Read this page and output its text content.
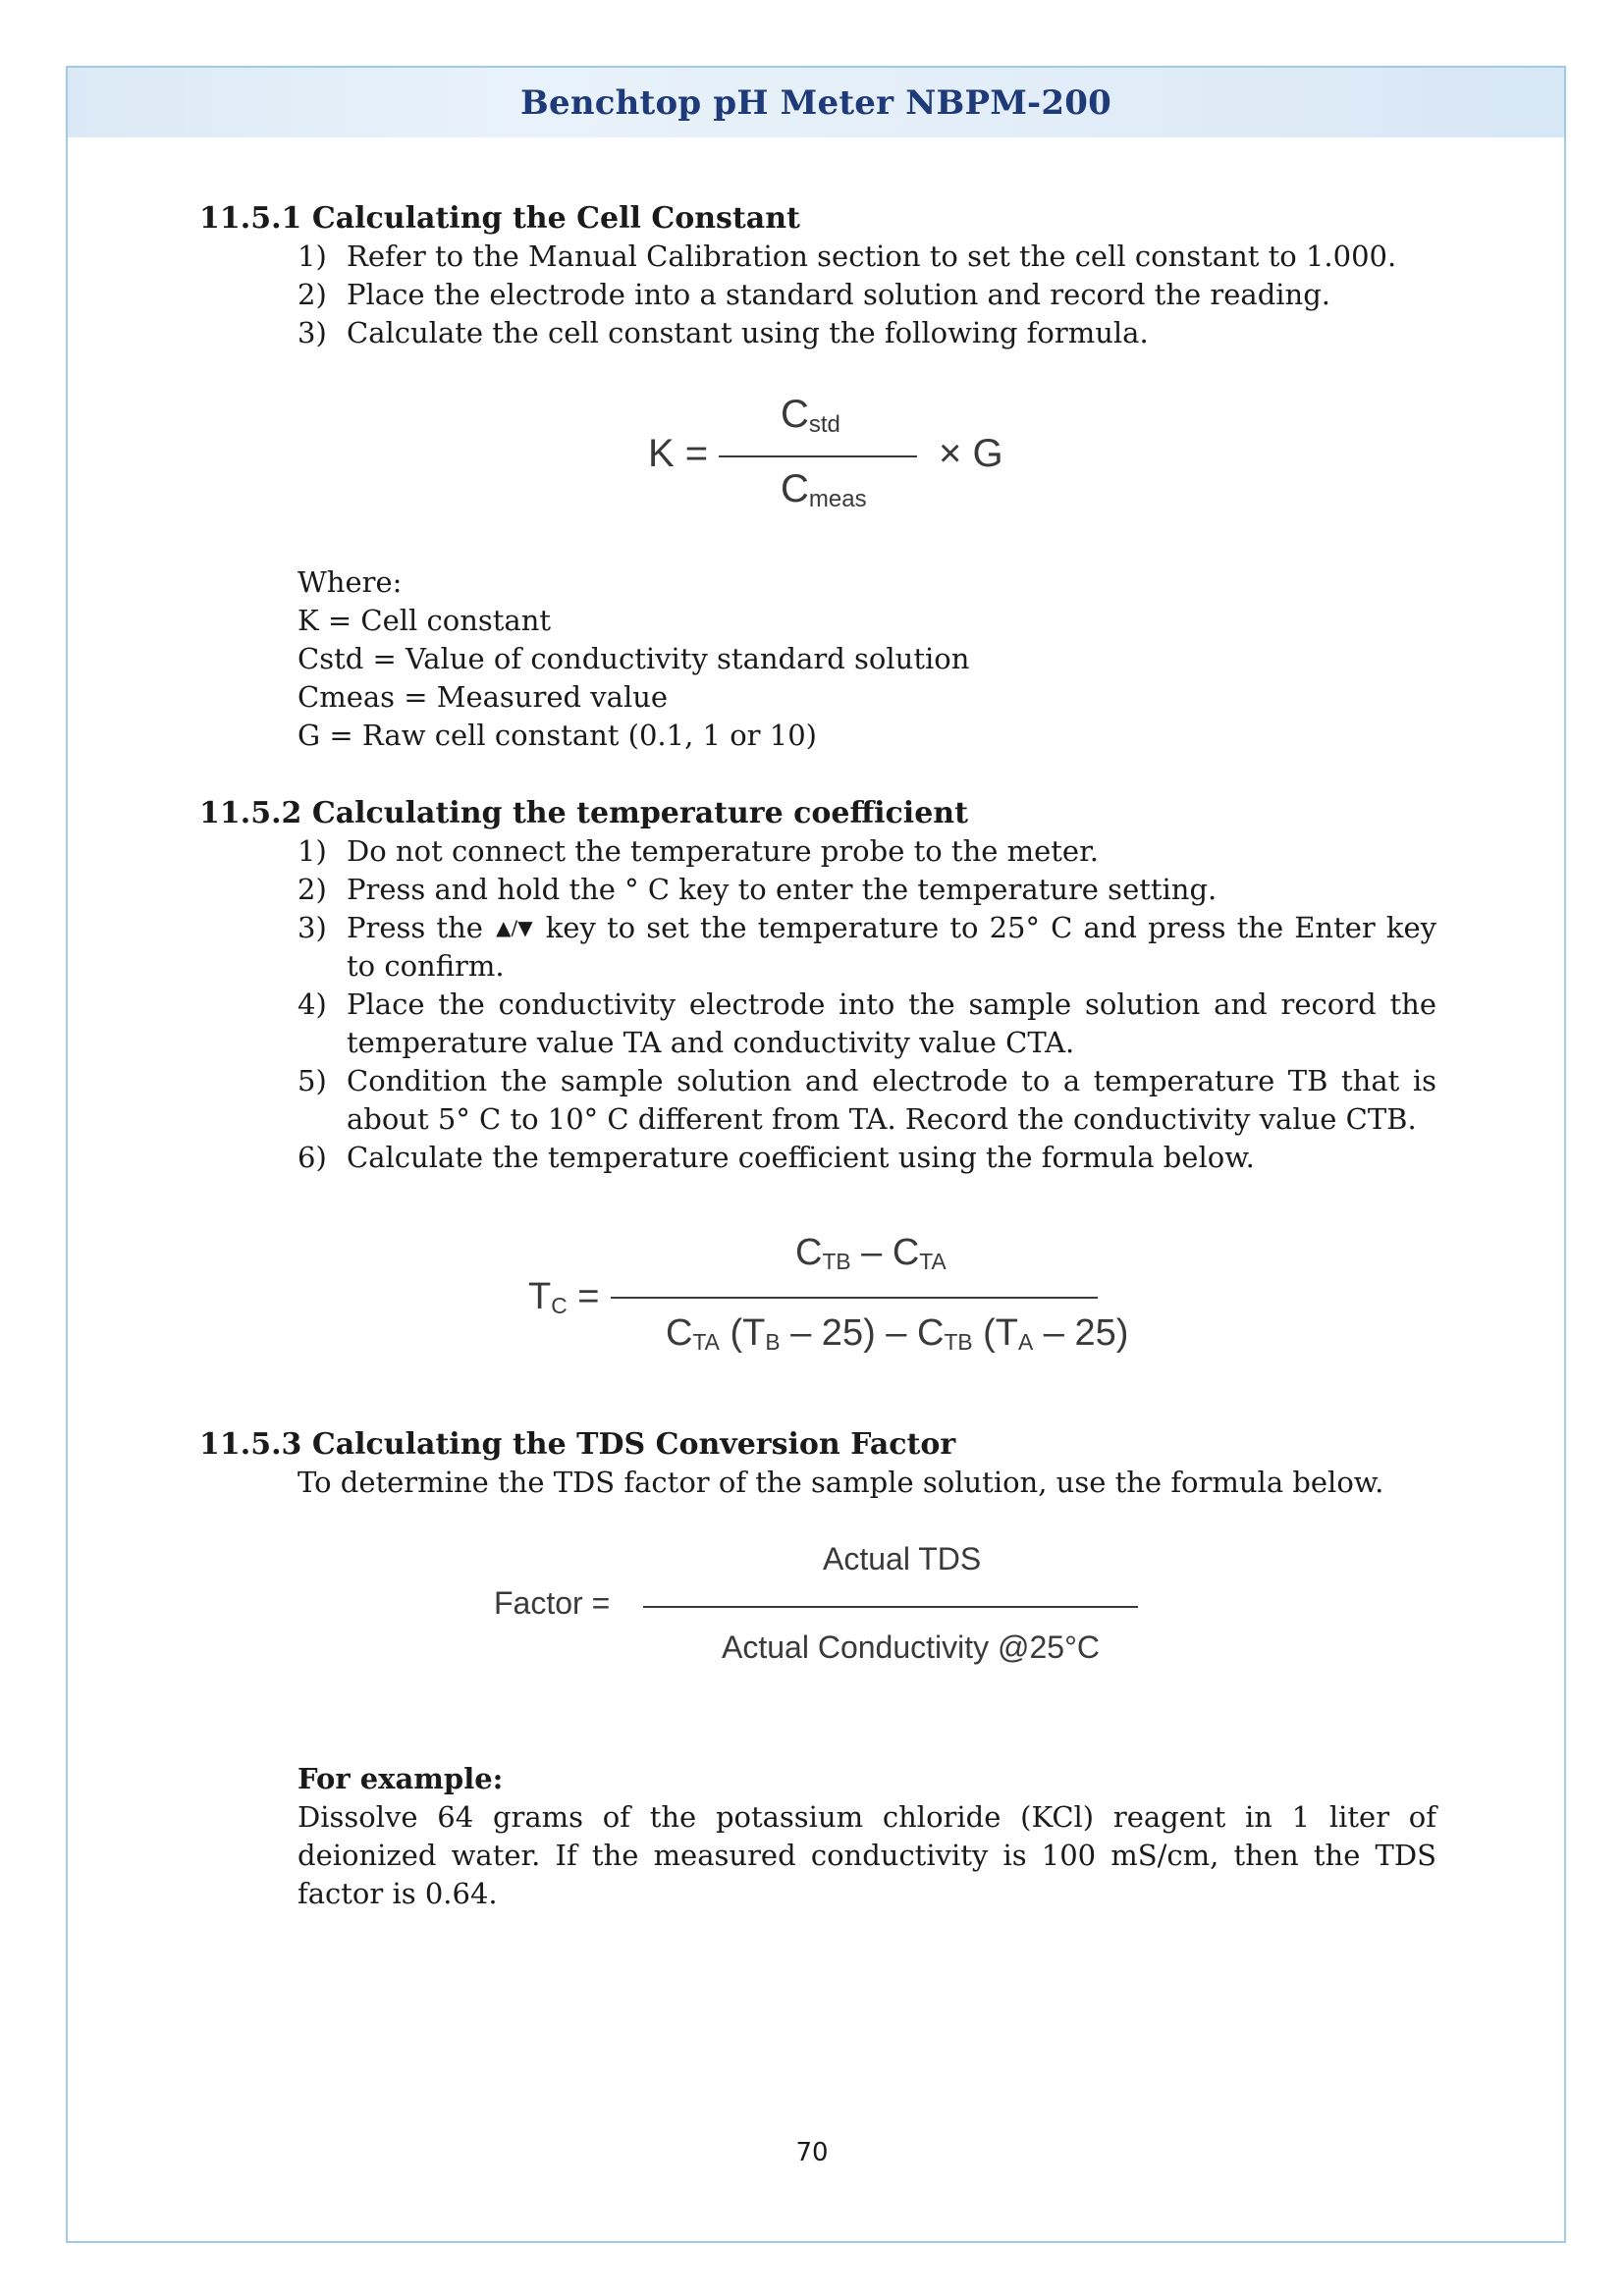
Benchtop pH Meter NBPM-200
11.5.1 Calculating the Cell Constant
1) Refer to the Manual Calibration section to set the cell constant to 1.000.
2) Place the electrode into a standard solution and record the reading.
3) Calculate the cell constant using the following formula.
K =
Cstd
Cmeas
× G
Where:
K = Cell constant
Cstd = Value of conductivity standard solution
Cmeas = Measured value
G = Raw cell constant (0.1, 1 or 10)
11.5.2 Calculating the temperature coefficient
1) Do not connect the temperature probe to the meter.
2) Press and hold the ° C key to enter the temperature setting.
3) Press the ▲/▼ key to set the temperature to 25° C and press the Enter key to confirm.
4) Place the conductivity electrode into the sample solution and record the temperature value TA and conductivity value CTA.
5) Condition the sample solution and electrode to a temperature TB that is about 5° C to 10° C different from TA. Record the conductivity value CTB.
6) Calculate the temperature coefficient using the formula below.
TC =
CTB – CTA
CTA (TB – 25) – CTB (TA – 25)
11.5.3 Calculating the TDS Conversion Factor
To determine the TDS factor of the sample solution, use the formula below.
Factor =
Actual TDS
Actual Conductivity @25°C
For example:
Dissolve 64 grams of the potassium chloride (KCl) reagent in 1 liter of deionized water. If the measured conductivity is 100 mS/cm, then the TDS factor is 0.64.
70
